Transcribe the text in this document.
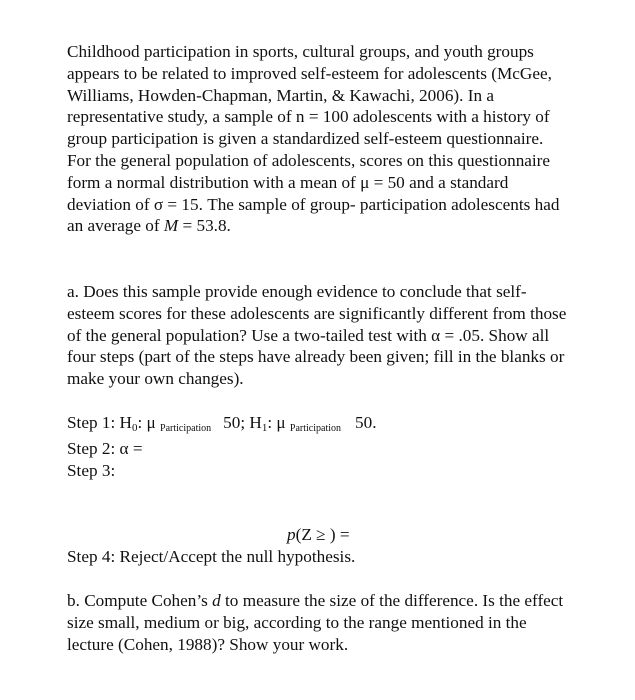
Childhood participation in sports, cultural groups, and youth groups appears to be related to improved self-esteem for adolescents (McGee, Williams, Howden-Chapman, Martin, & Kawachi, 2006). In a representative study, a sample of n = 100 adolescents with a history of group participation is given a standardized self-esteem questionnaire. For the general population of adolescents, scores on this questionnaire form a normal distribution with a mean of μ = 50 and a standard deviation of σ = 15. The sample of group- participation adolescents had an average of M = 53.8.

a. Does this sample provide enough evidence to conclude that self-esteem scores for these adolescents are significantly different from those of the general population? Use a two-tailed test with α = .05. Show all four steps (part of the steps have already been given; fill in the blanks or make your own changes).

Step 1: $H_0$: μ Participation 50; $H_1$: μ Participation 50.
Step 2: α =
Step 3:
p(Z ≥ ) =
Step 4: Reject/Accept the null hypothesis.

b. Compute Cohen’s d to measure the size of the difference. Is the effect size small, medium or big, according to the range mentioned in the lecture (Cohen, 1988)? Show your work.
